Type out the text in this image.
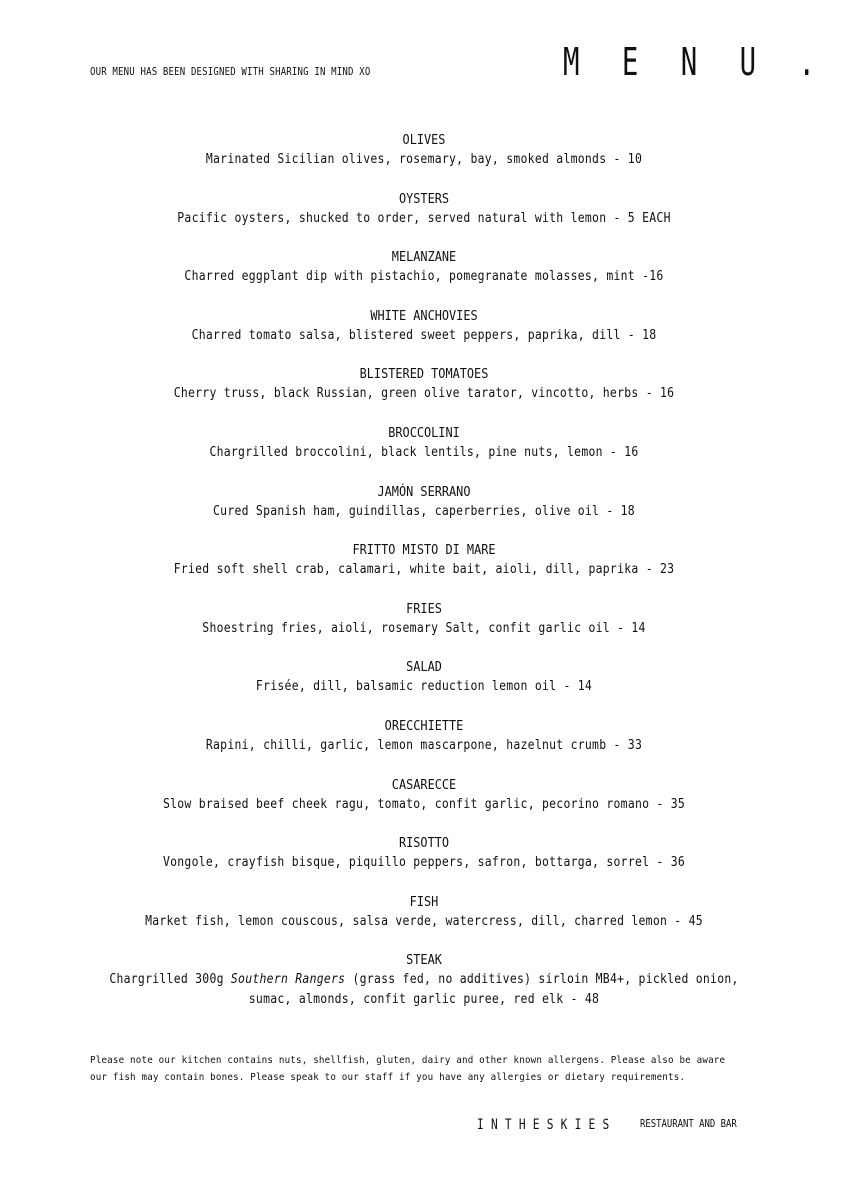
OUR MENU HAS BEEN DESIGNED WITH SHARING IN MIND XO	M E N U .
OLIVES
Marinated Sicilian olives, rosemary, bay, smoked almonds - 10
OYSTERS
Pacific oysters, shucked to order, served natural with lemon - 5 EACH
MELANZANE
Charred eggplant dip with pistachio, pomegranate molasses, mint -16
WHITE ANCHOVIES
Charred tomato salsa, blistered sweet peppers, paprika, dill - 18
BLISTERED TOMATOES
Cherry truss, black Russian, green olive tarator, vincotto, herbs - 16
BROCCOLINI
Chargrilled broccolini, black lentils, pine nuts, lemon - 16
JAMÓN SERRANO
Cured Spanish ham, guindillas, caperberries, olive oil - 18
FRITTO MISTO DI MARE
Fried soft shell crab, calamari, white bait, aioli, dill, paprika - 23
FRIES
Shoestring fries, aioli, rosemary Salt, confit garlic oil - 14
SALAD
Frisée, dill, balsamic reduction lemon oil - 14
ORECCHIETTE
Rapini, chilli, garlic, lemon mascarpone, hazelnut crumb - 33
CASARECCE
Slow braised beef cheek ragu, tomato, confit garlic, pecorino romano - 35
RISOTTO
Vongole, crayfish bisque, piquillo peppers, safron, bottarga, sorrel - 36
FISH
Market fish, lemon couscous, salsa verde, watercress, dill, charred lemon - 45
STEAK
Chargrilled 300g Southern Rangers (grass fed, no additives) sirloin MB4+, pickled onion,
sumac, almonds, confit garlic puree, red elk - 48
Please note our kitchen contains nuts, shellfish, gluten, dairy and other known allergens. Please also be aware
our fish may contain bones. Please speak to our staff if you have any allergies or dietary requirements.
INTHESKIES RESTAURANT AND BAR
